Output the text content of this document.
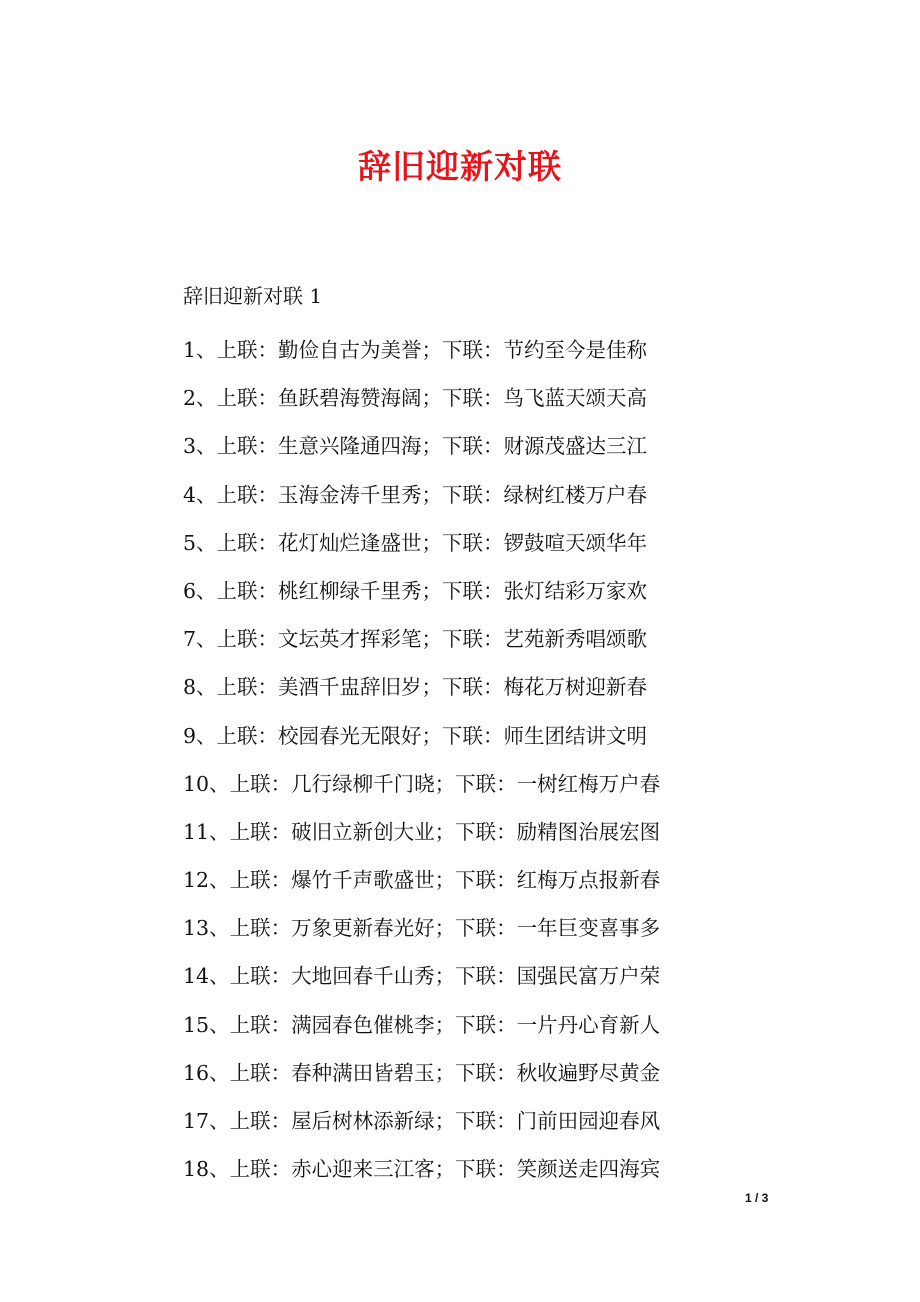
辞旧迎新对联

辞旧迎新对联 1

1、上联：勤俭自古为美誉；下联：节约至今是佳称
2、上联：鱼跃碧海赞海阔；下联：鸟飞蓝天颂天高
3、上联：生意兴隆通四海；下联：财源茂盛达三江
4、上联：玉海金涛千里秀；下联：绿树红楼万户春
5、上联：花灯灿烂逢盛世；下联：锣鼓喧天颂华年
6、上联：桃红柳绿千里秀；下联：张灯结彩万家欢
7、上联：文坛英才挥彩笔；下联：艺苑新秀唱颂歌
8、上联：美酒千盅辞旧岁；下联：梅花万树迎新春
9、上联：校园春光无限好；下联：师生团结讲文明
10、上联：几行绿柳千门晓；下联：一树红梅万户春
11、上联：破旧立新创大业；下联：励精图治展宏图
12、上联：爆竹千声歌盛世；下联：红梅万点报新春
13、上联：万象更新春光好；下联：一年巨变喜事多
14、上联：大地回春千山秀；下联：国强民富万户荣
15、上联：满园春色催桃李；下联：一片丹心育新人
16、上联：春种满田皆碧玉；下联：秋收遍野尽黄金
17、上联：屋后树林添新绿；下联：门前田园迎春风
18、上联：赤心迎来三江客；下联：笑颜送走四海宾
1 / 3
